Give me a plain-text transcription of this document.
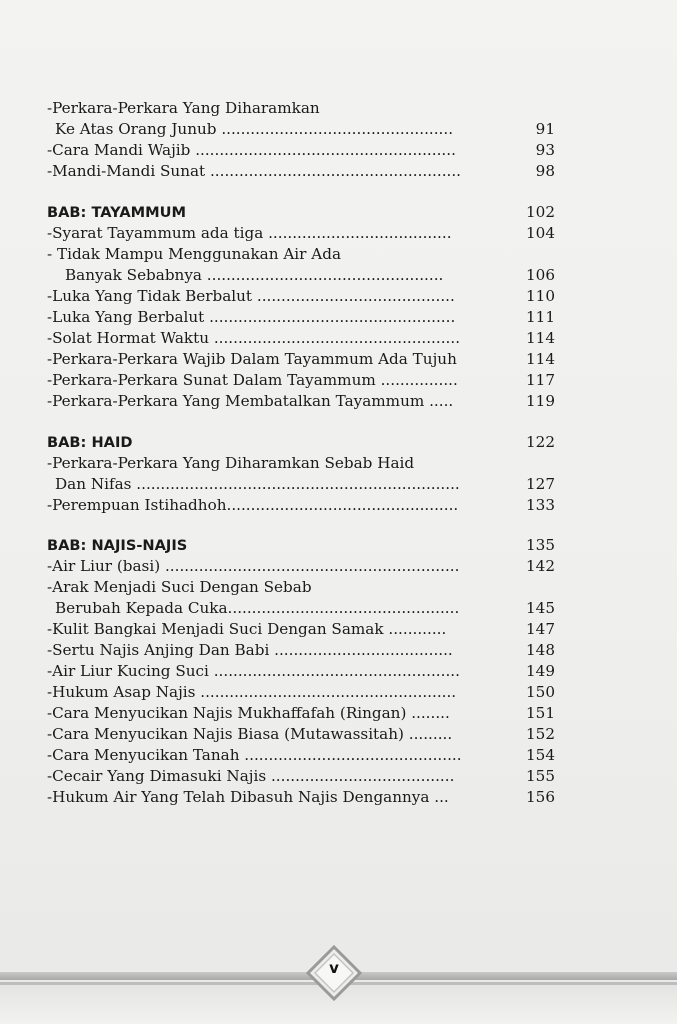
-Perkara-Perkara Yang Diharamkan
Ke Atas Orang Junub ................................................	91
-Cara Mandi Wajib ......................................................	93
-Mandi-Mandi Sunat ....................................................	98
BAB: TAYAMMUM	102
-Syarat Tayammum ada tiga ......................................	104
- Tidak Mampu Menggunakan Air Ada
Banyak Sebabnya .................................................	106
-Luka Yang Tidak Berbalut .........................................	110
-Luka Yang Berbalut ...................................................	111
-Solat Hormat Waktu ...................................................	114
-Perkara-Perkara Wajib Dalam Tayammum Ada Tujuh	114
-Perkara-Perkara Sunat Dalam Tayammum ................	117
-Perkara-Perkara Yang Membatalkan Tayammum .....	119
BAB: HAID	122
-Perkara-Perkara Yang Diharamkan Sebab Haid
Dan Nifas ...................................................................	127
-Perempuan Istihadhoh................................................	133
BAB: NAJIS-NAJIS	135
-Air Liur (basi) .............................................................	142
-Arak Menjadi Suci Dengan Sebab
Berubah Kepada Cuka................................................	145
-Kulit Bangkai Menjadi Suci Dengan Samak ............	147
-Sertu Najis Anjing Dan Babi .....................................	148
-Air Liur Kucing Suci ...................................................	149
-Hukum Asap Najis .....................................................	150
-Cara Menyucikan Najis Mukhaffafah (Ringan) ........	151
-Cara Menyucikan Najis Biasa (Mutawassitah) .........	152
-Cara Menyucikan Tanah .............................................	154
-Cecair Yang Dimasuki Najis ......................................	155
-Hukum Air Yang Telah Dibasuh Najis Dengannya ...	156
v
